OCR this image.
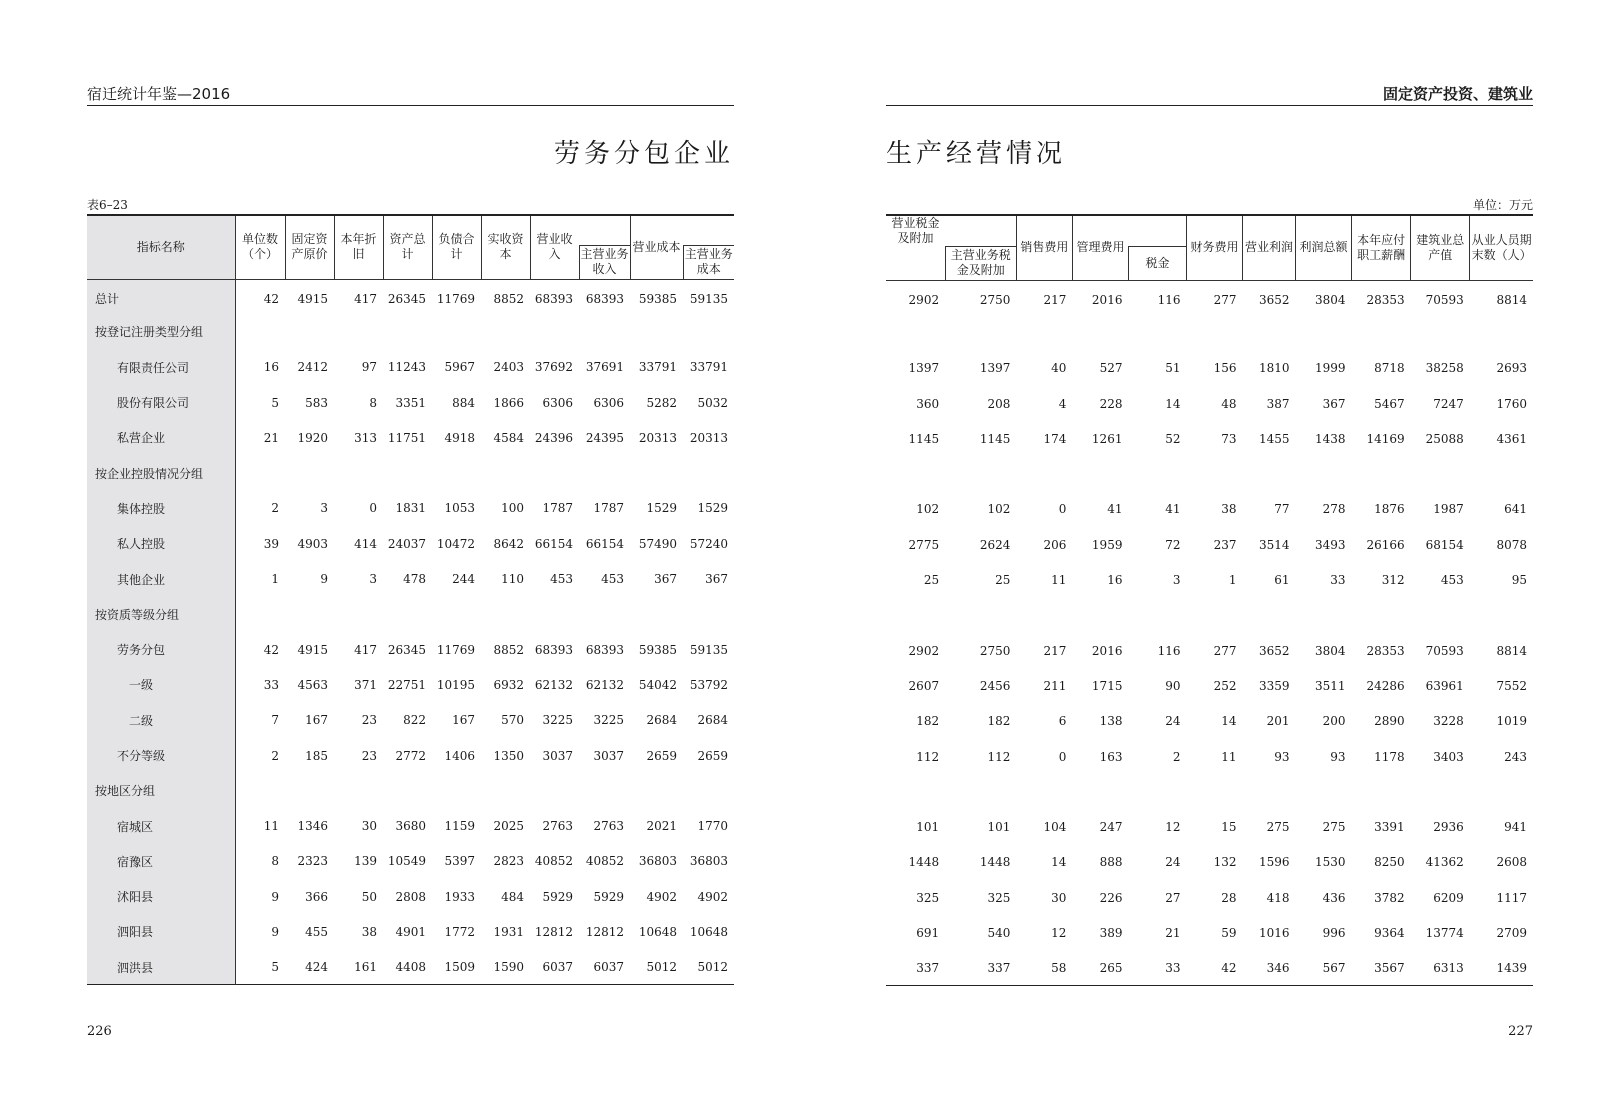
宿迁统计年鉴—2016
劳务分包企业
表6–23
指标名称	单位数（个）	固定资产原价	本年折旧	资产总计	负债合计	实收资本	营业收入		营业成本	
								主营业务收入		主营业务成本
总计	42	4915	417	26345	11769	8852	68393	68393	59385	59135
按登记注册类型分组										
有限责任公司	16	2412	97	11243	5967	2403	37692	37691	33791	33791
股份有限公司	5	583	8	3351	884	1866	6306	6306	5282	5032
私营企业	21	1920	313	11751	4918	4584	24396	24395	20313	20313
按企业控股情况分组										
集体控股	2	3	0	1831	1053	100	1787	1787	1529	1529
私人控股	39	4903	414	24037	10472	8642	66154	66154	57490	57240
其他企业	1	9	3	478	244	110	453	453	367	367
按资质等级分组										
劳务分包	42	4915	417	26345	11769	8852	68393	68393	59385	59135
一级	33	4563	371	22751	10195	6932	62132	62132	54042	53792
二级	7	167	23	822	167	570	3225	3225	2684	2684
不分等级	2	185	23	2772	1406	1350	3037	3037	2659	2659
按地区分组										
宿城区	11	1346	30	3680	1159	2025	2763	2763	2021	1770
宿豫区	8	2323	139	10549	5397	2823	40852	40852	36803	36803
沭阳县	9	366	50	2808	1933	484	5929	5929	4902	4902
泗阳县	9	455	38	4901	1772	1931	12812	12812	10648	10648
泗洪县	5	424	161	4408	1509	1590	6037	6037	5012	5012
226
固定资产投资、建筑业
生产经营情况
单位：万元
营业税金及附加		销售费用	管理费用		财务费用	营业利润	利润总额	本年应付职工薪酬	建筑业总产值	从业人员期末数（人）
	主营业务税金及附加			税金						
2902	2750	217	2016	116	277	3652	3804	28353	70593	8814

1397	1397	40	527	51	156	1810	1999	8718	38258	2693
360	208	4	228	14	48	387	367	5467	7247	1760
1145	1145	174	1261	52	73	1455	1438	14169	25088	4361

102	102	0	41	41	38	77	278	1876	1987	641
2775	2624	206	1959	72	237	3514	3493	26166	68154	8078
25	25	11	16	3	1	61	33	312	453	95

2902	2750	217	2016	116	277	3652	3804	28353	70593	8814
2607	2456	211	1715	90	252	3359	3511	24286	63961	7552
182	182	6	138	24	14	201	200	2890	3228	1019
112	112	0	163	2	11	93	93	1178	3403	243

101	101	104	247	12	15	275	275	3391	2936	941
1448	1448	14	888	24	132	1596	1530	8250	41362	2608
325	325	30	226	27	28	418	436	3782	6209	1117
691	540	12	389	21	59	1016	996	9364	13774	2709
337	337	58	265	33	42	346	567	3567	6313	1439
227
